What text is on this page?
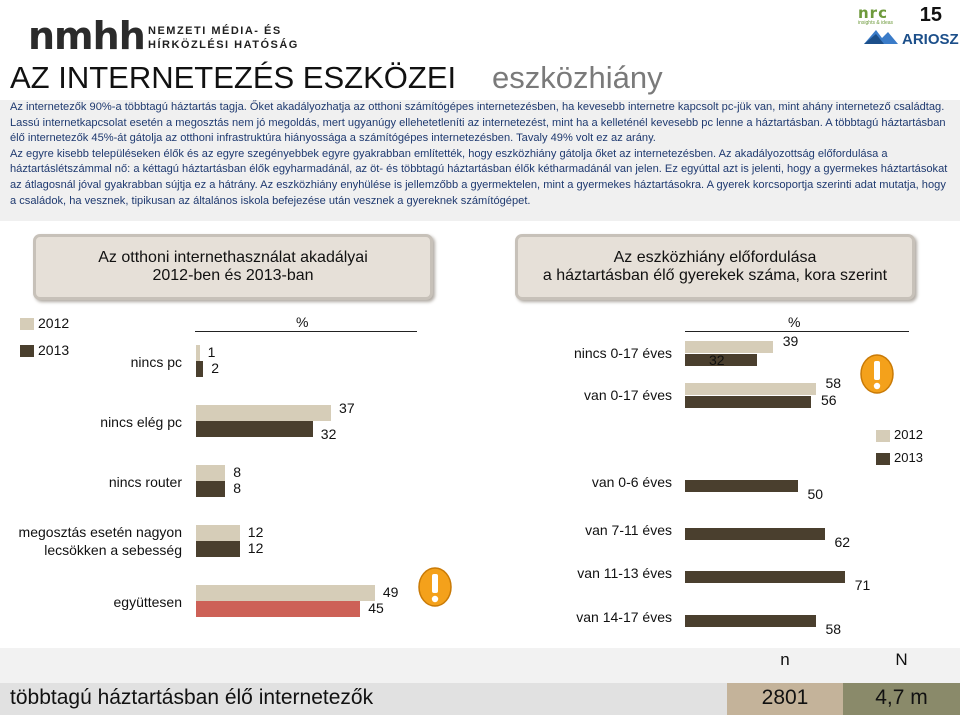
nmhh NEMZETI MÉDIA- ÉS
HÍRKÖZLÉSI HATÓSÁG
nrc
insights & ideas
ARIOSZ
15
AZ INTERNETEZÉS ESZKÖZEI eszközhiány

Az internetezők 90%-a többtagú háztartás tagja. Őket akadályozhatja az otthoni számítógépes internetezésben, ha kevesebb internetre kapcsolt pc-jük van, mint ahány internetező családtag. Lassú internetkapcsolat esetén a megosztás nem jó megoldás, mert ugyanúgy ellehetetleníti az internetezést, mint ha a kelleténél kevesebb pc lenne a háztartásban. A többtagú háztartásban élő internetezők 45%-át gátolja az otthoni infrastruktúra hiányossága a számítógépes internetezésben. Tavaly 49% volt ez az arány.

Az egyre kisebb településeken élők és az egyre szegényebbek egyre gyakrabban említették, hogy eszközhiány gátolja őket az internetezésben. Az akadályozottság előfordulása a háztartáslétszámmal nő: a kéttagú háztartásban élők egyharmadánál, az öt- és többtagú háztartásban élők kétharmadánál van jelen. Ez egyúttal azt is jelenti, hogy a gyermekes háztartásokat az átlagosnál jóval gyakrabban sújtja ez a hátrány. Az eszközhiány enyhülése is jellemzőbb a gyermektelen, mint a gyermekes háztartásokra. A gyerek korcsoportja szerinti adat mutatja, hogy a családok, ha vesznek, tipikusan az általános iskola befejezése után vesznek a gyereknek számítógépet.

Az otthoni internethasználat akadályai
2012-ben és 2013-ban
Az eszközhiány előfordulása
a háztartásban élő gyerekek száma, kora szerint
2012
2013
2012
2013
%	%
nincs pc
1
2
nincs elég pc
37
32
nincs router
8
8
megosztás esetén nagyon lecsökken a sebesség
12
12
együttesen
49
45
nincs 0-17 éves
39
32
van 0-17 éves
58
56
van 0-6 éves
50
van 7-11 éves
62
van 11-13 éves
71
van 14-17 éves
58
n	N
többtagú háztartásban élő internetezők	2801	4,7 m
